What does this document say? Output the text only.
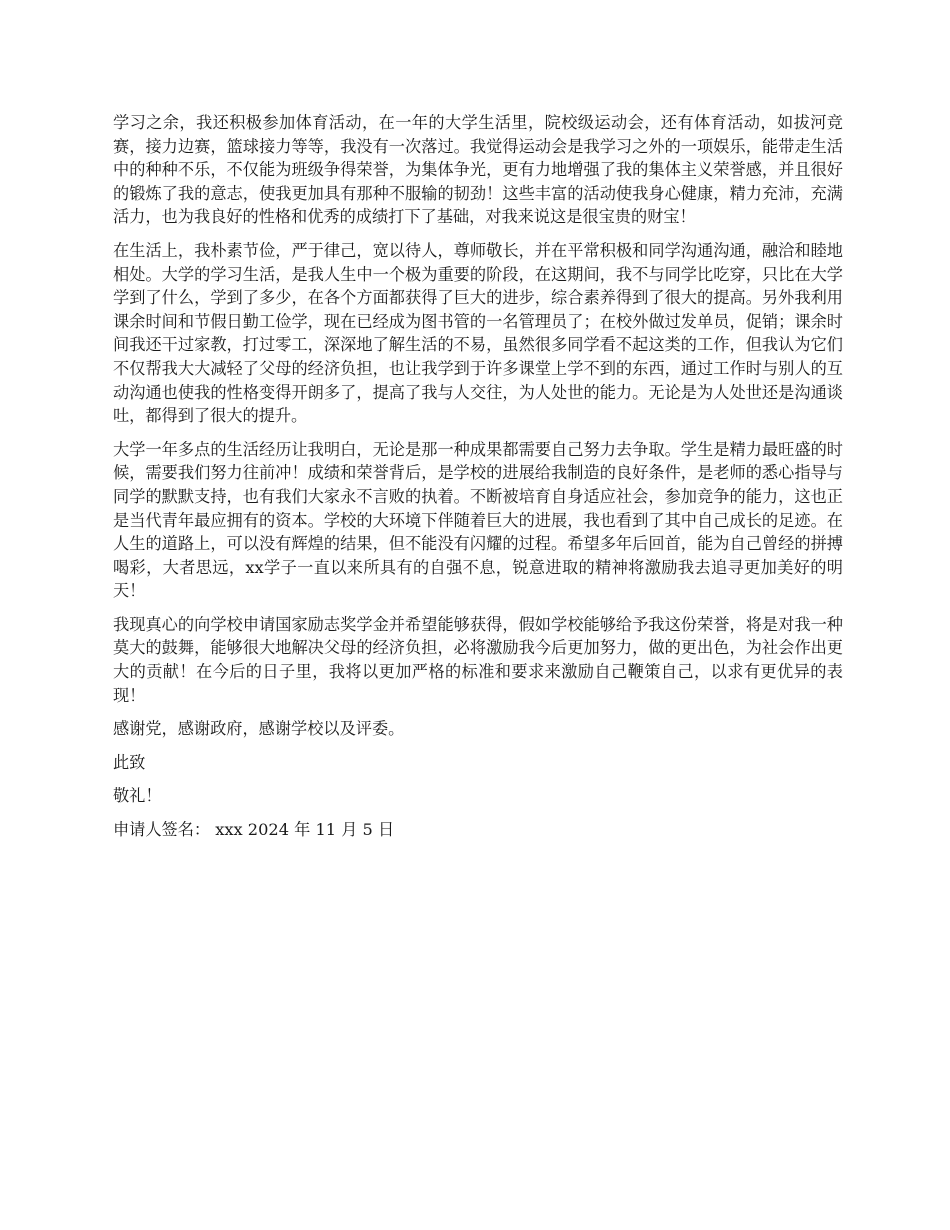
学习之余，我还积极参加体育活动，在一年的大学生活里，院校级运动会，还有体育活动，如拔河竞赛，接力边赛，篮球接力等等，我没有一次落过。我觉得运动会是我学习之外的一项娱乐，能带走生活中的种种不乐，不仅能为班级争得荣誉，为集体争光，更有力地增强了我的集体主义荣誉感，并且很好的锻炼了我的意志，使我更加具有那种不服输的韧劲！这些丰富的活动使我身心健康，精力充沛，充满活力，也为我良好的性格和优秀的成绩打下了基础，对我来说这是很宝贵的财宝！

在生活上，我朴素节俭，严于律己，宽以待人，尊师敬长，并在平常积极和同学沟通沟通，融洽和睦地相处。大学的学习生活，是我人生中一个极为重要的阶段，在这期间，我不与同学比吃穿，只比在大学学到了什么，学到了多少，在各个方面都获得了巨大的进步，综合素养得到了很大的提高。另外我利用课余时间和节假日勤工俭学，现在已经成为图书管的一名管理员了；在校外做过发单员，促销；课余时间我还干过家教，打过零工，深深地了解生活的不易，虽然很多同学看不起这类的工作，但我认为它们不仅帮我大大减轻了父母的经济负担，也让我学到于许多课堂上学不到的东西，通过工作时与别人的互动沟通也使我的性格变得开朗多了，提高了我与人交往，为人处世的能力。无论是为人处世还是沟通谈吐，都得到了很大的提升。

大学一年多点的生活经历让我明白，无论是那一种成果都需要自己努力去争取。学生是精力最旺盛的时候，需要我们努力往前冲！成绩和荣誉背后，是学校的进展给我制造的良好条件，是老师的悉心指导与同学的默默支持，也有我们大家永不言败的执着。不断被培育自身适应社会，参加竞争的能力，这也正是当代青年最应拥有的资本。学校的大环境下伴随着巨大的进展，我也看到了其中自己成长的足迹。在人生的道路上，可以没有辉煌的结果，但不能没有闪耀的过程。希望多年后回首，能为自己曾经的拼搏喝彩，大者思远，xx学子一直以来所具有的自强不息，锐意进取的精神将激励我去追寻更加美好的明天！

我现真心的向学校申请国家励志奖学金并希望能够获得，假如学校能够给予我这份荣誉，将是对我一种莫大的鼓舞，能够很大地解决父母的经济负担，必将激励我今后更加努力，做的更出色，为社会作出更大的贡献！在今后的日子里，我将以更加严格的标准和要求来激励自己鞭策自己，以求有更优异的表现！

感谢党，感谢政府，感谢学校以及评委。

此致

敬礼！

申请人签名： xxx 2024 年 11 月 5 日
